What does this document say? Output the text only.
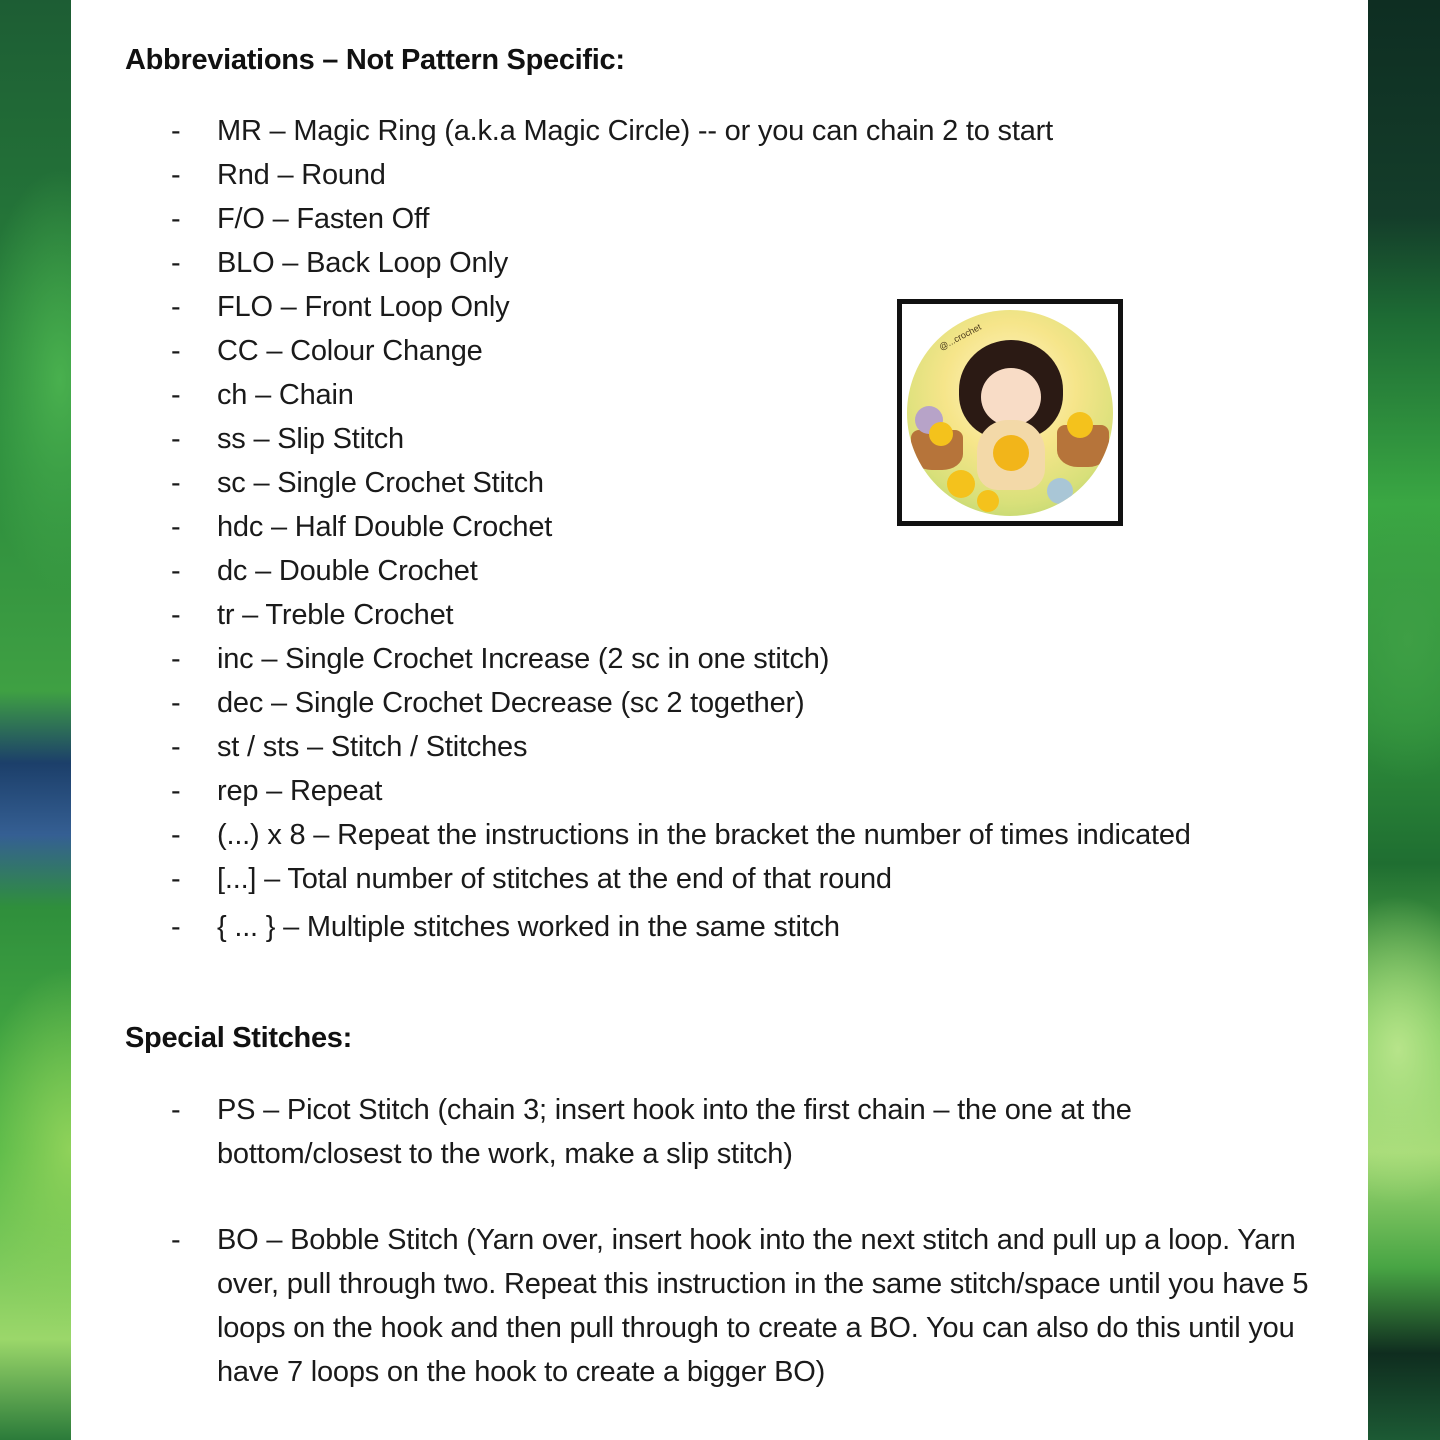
Abbreviations – Not Pattern Specific:
-	MR – Magic Ring (a.k.a Magic Circle) -- or you can chain 2 to start
-	Rnd – Round
-	F/O – Fasten Off
-	BLO – Back Loop Only
-	FLO – Front Loop Only
-	CC – Colour Change
-	ch – Chain
-	ss – Slip Stitch
-	sc – Single Crochet Stitch
-	hdc – Half Double Crochet
-	dc – Double Crochet
-	tr – Treble Crochet
-	inc – Single Crochet Increase (2 sc in one stitch)
-	dec – Single Crochet Decrease (sc 2 together)
-	st / sts – Stitch / Stitches
-	rep – Repeat
-	(...) x 8 – Repeat the instructions in the bracket the number of times indicated
-	[...] – Total number of stitches at the end of that round
-	{ ... } – Multiple stitches worked in the same stitch
@...crochet
Special Stitches:
-	PS – Picot Stitch (chain 3; insert hook into the first chain – the one at the bottom/closest to the work, make a slip stitch)
-	BO – Bobble Stitch (Yarn over, insert hook into the next stitch and pull up a loop. Yarn over, pull through two. Repeat this instruction in the same stitch/space until you have 5 loops on the hook and then pull through to create a BO. You can also do this until you have 7 loops on the hook to create a bigger BO)
